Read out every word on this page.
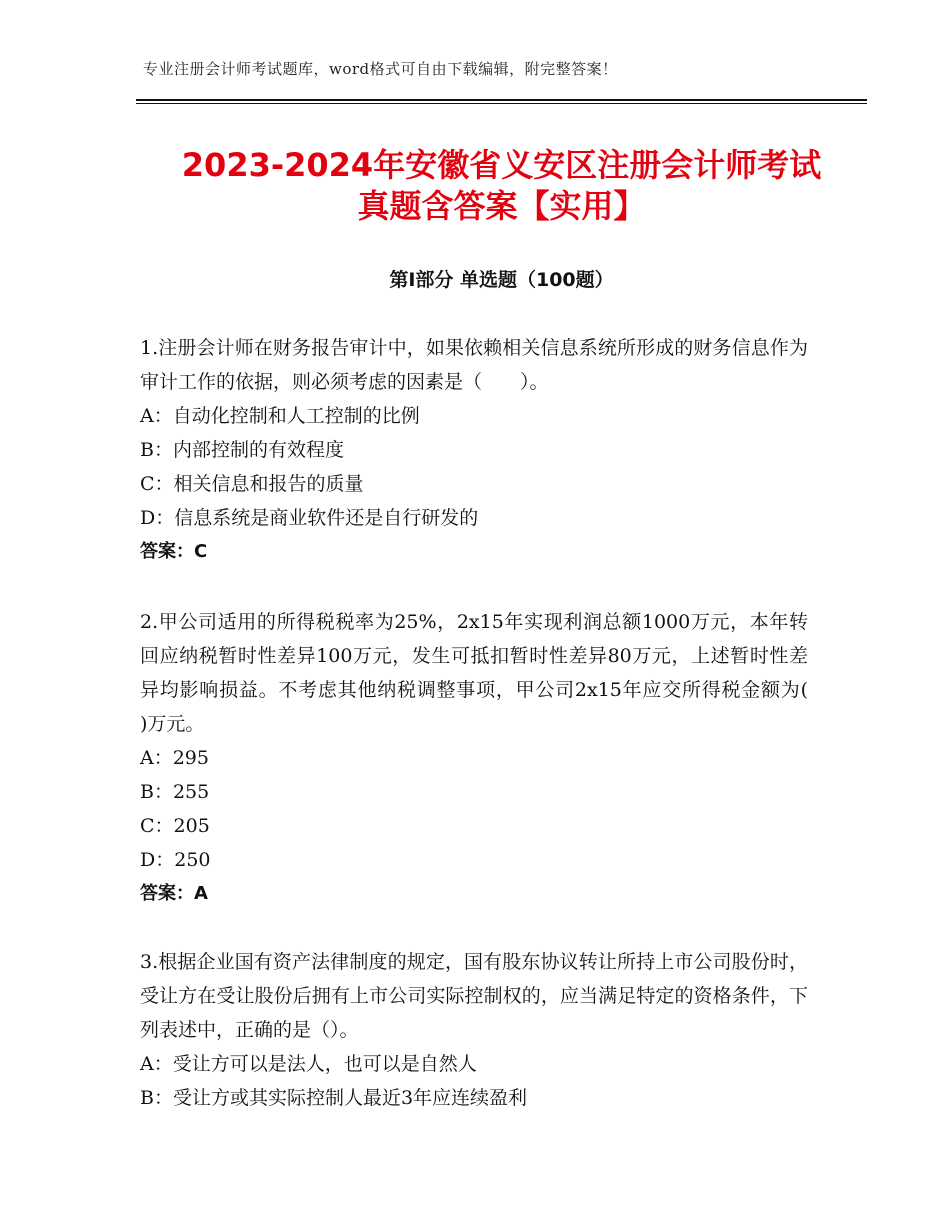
专业注册会计师考试题库，word格式可自由下载编辑，附完整答案！
2023-2024年安徽省义安区注册会计师考试
真题含答案【实用】
第Ⅰ部分 单选题（100题）

1.注册会计师在财务报告审计中，如果依赖相关信息系统所形成的财务信息作为审计工作的依据，则必须考虑的因素是（　　）。

A：自动化控制和人工控制的比例
B：内部控制的有效程度
C：相关信息和报告的质量
D：信息系统是商业软件还是自行研发的
答案：C

2.甲公司适用的所得税税率为25%，2x15年实现利润总额1000万元，本年转回应纳税暂时性差异100万元，发生可抵扣暂时性差异80万元，上述暂时性差异均影响损益。不考虑其他纳税调整事项，甲公司2x15年应交所得税金额为(　　)万元。

A：295
B：255
C：205
D：250
答案：A

3.根据企业国有资产法律制度的规定，国有股东协议转让所持上市公司股份时，受让方在受让股份后拥有上市公司实际控制权的，应当满足特定的资格条件，下列表述中，正确的是（）。

A：受让方可以是法人，也可以是自然人
B：受让方或其实际控制人最近3年应连续盈利
